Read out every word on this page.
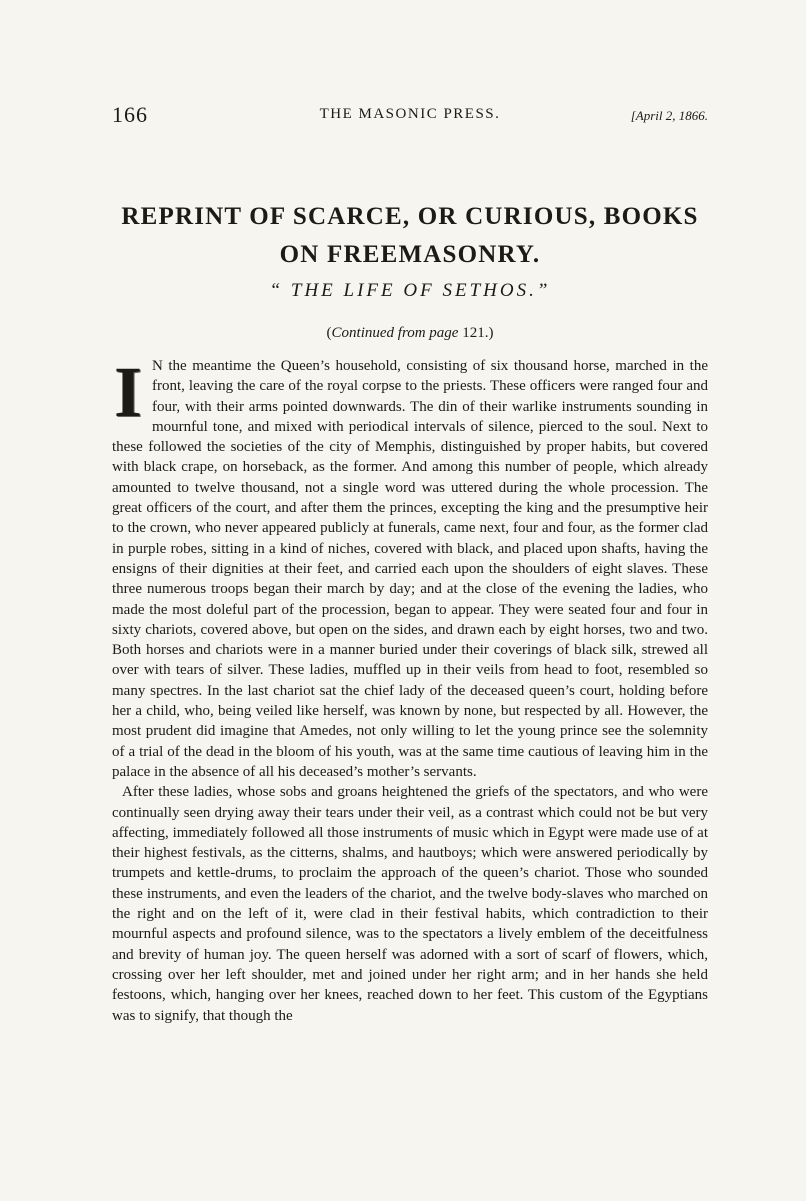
166	THE MASONIC PRESS.	[April 2, 1866.
REPRINT OF SCARCE, OR CURIOUS, BOOKS ON FREEMASONRY.
“ THE LIFE OF SETHOS.”
(Continued from page 121.)

I N the meantime the Queen’s household, consisting of six thousand horse, marched in the front, leaving the care of the royal corpse to the priests. These officers were ranged four and four, with their arms pointed downwards. The din of their warlike instruments sounding in mournful tone, and mixed with periodical intervals of silence, pierced to the soul. Next to these followed the societies of the city of Memphis, distinguished by proper habits, but covered with black crape, on horseback, as the former. And among this number of people, which already amounted to twelve thousand, not a single word was uttered during the whole procession. The great officers of the court, and after them the princes, excepting the king and the presumptive heir to the crown, who never appeared publicly at funerals, came next, four and four, as the former clad in purple robes, sitting in a kind of niches, covered with black, and placed upon shafts, having the ensigns of their dignities at their feet, and carried each upon the shoulders of eight slaves. These three numerous troops began their march by day; and at the close of the evening the ladies, who made the most doleful part of the procession, began to appear. They were seated four and four in sixty chariots, covered above, but open on the sides, and drawn each by eight horses, two and two. Both horses and chariots were in a manner buried under their coverings of black silk, strewed all over with tears of silver. These ladies, muffled up in their veils from head to foot, resembled so many spectres. In the last chariot sat the chief lady of the deceased queen’s court, holding before her a child, who, being veiled like herself, was known by none, but respected by all. However, the most prudent did imagine that Amedes, not only willing to let the young prince see the solemnity of a trial of the dead in the bloom of his youth, was at the same time cautious of leaving him in the palace in the absence of all his deceased’s mother’s servants.

After these ladies, whose sobs and groans heightened the griefs of the spectators, and who were continually seen drying away their tears under their veil, as a contrast which could not be but very affecting, immediately followed all those instruments of music which in Egypt were made use of at their highest festivals, as the citterns, shalms, and hautboys; which were answered periodically by trumpets and kettle-drums, to proclaim the approach of the queen’s chariot. Those who sounded these instruments, and even the leaders of the chariot, and the twelve body-slaves who marched on the right and on the left of it, were clad in their festival habits, which contradiction to their mournful aspects and profound silence, was to the spectators a lively emblem of the deceitfulness and brevity of human joy. The queen herself was adorned with a sort of scarf of flowers, which, crossing over her left shoulder, met and joined under her right arm; and in her hands she held festoons, which, hanging over her knees, reached down to her feet. This custom of the Egyptians was to signify, that though the
